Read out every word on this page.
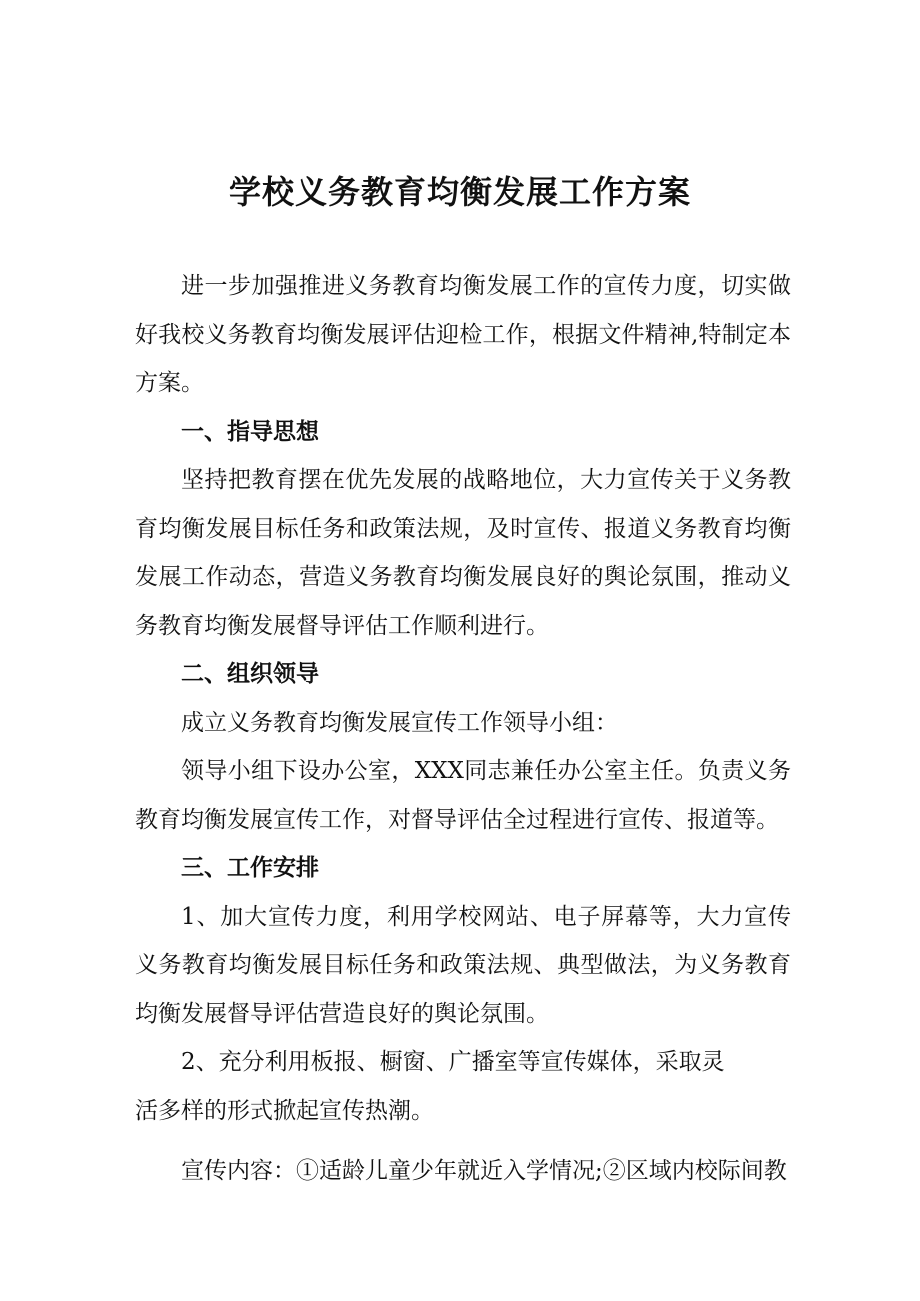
学校义务教育均衡发展工作方案

进一步加强推进义务教育均衡发展工作的宣传力度，切实做好我校义务教育均衡发展评估迎检工作，根据文件精神,特制定本方案。

一、指导思想

坚持把教育摆在优先发展的战略地位，大力宣传关于义务教育均衡发展目标任务和政策法规，及时宣传、报道义务教育均衡发展工作动态，营造义务教育均衡发展良好的舆论氛围，推动义务教育均衡发展督导评估工作顺利进行。

二、组织领导

成立义务教育均衡发展宣传工作领导小组：

领导小组下设办公室，XXX同志兼任办公室主任。负责义务教育均衡发展宣传工作，对督导评估全过程进行宣传、报道等。

三、工作安排

1、加大宣传力度，利用学校网站、电子屏幕等，大力宣传义务教育均衡发展目标任务和政策法规、典型做法，为义务教育均衡发展督导评估营造良好的舆论氛围。

2、充分利用板报、橱窗、广播室等宣传媒体，采取灵

活多样的形式掀起宣传热潮。

宣传内容：①适龄儿童少年就近入学情况;②区域内校际间教
